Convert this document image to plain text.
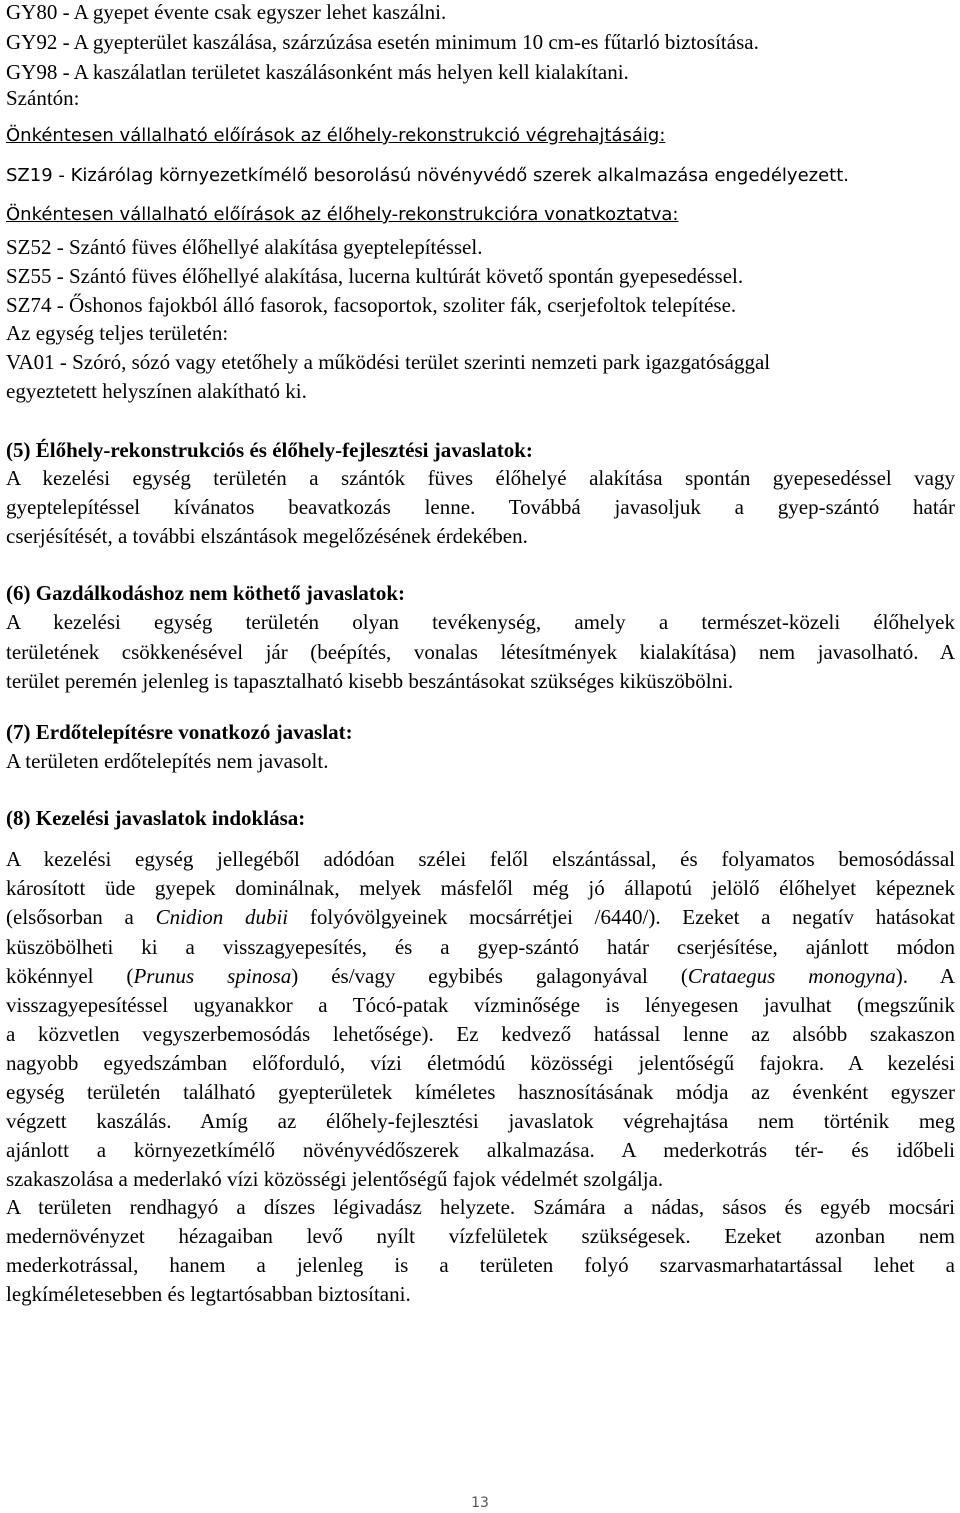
GY80 - A gyepet évente csak egyszer lehet kaszálni.

GY92 - A gyepterület kaszálása, szárzúzása esetén minimum 10 cm-es fűtarló biztosítása.

GY98 - A kaszálatlan területet kaszálásonként más helyen kell kialakítani.

Szántón:

Önkéntesen vállalható előírások az élőhely-rekonstrukció végrehajtásáig:

SZ19 - Kizárólag környezetkímélő besorolású növényvédő szerek alkalmazása engedélyezett.

Önkéntesen vállalható előírások az élőhely-rekonstrukcióra vonatkoztatva:

SZ52 - Szántó füves élőhellyé alakítása gyeptelepítéssel.

SZ55 - Szántó füves élőhellyé alakítása, lucerna kultúrát követő spontán gyepesedéssel.

SZ74 - Őshonos fajokból álló fasorok, facsoportok, szoliter fák, cserjefoltok telepítése.

Az egység teljes területén:

VA01 - Szóró, sózó vagy etetőhely a működési terület szerinti nemzeti park igazgatósággal

egyeztetett helyszínen alakítható ki.

(5) Élőhely-rekonstrukciós és élőhely-fejlesztési javaslatok:

A kezelési egység területén a szántók füves élőhelyé alakítása spontán gyepesedéssel vagy

gyeptelepítéssel kívánatos beavatkozás lenne. Továbbá javasoljuk a gyep-szántó határ

cserjésítését, a további elszántások megelőzésének érdekében.

(6) Gazdálkodáshoz nem köthető javaslatok:

A kezelési egység területén olyan tevékenység, amely a természet-közeli élőhelyek

területének csökkenésével jár (beépítés, vonalas létesítmények kialakítása) nem javasolható. A

terület peremén jelenleg is tapasztalható kisebb beszántásokat szükséges kiküszöbölni.

(7) Erdőtelepítésre vonatkozó javaslat:

A területen erdőtelepítés nem javasolt.

(8) Kezelési javaslatok indoklása:

A kezelési egység jellegéből adódóan szélei felől elszántással, és folyamatos bemosódással

károsított üde gyepek dominálnak, melyek másfelől még jó állapotú jelölő élőhelyet képeznek

(elsősorban a Cnidion dubii folyóvölgyeinek mocsárrétjei /6440/). Ezeket a negatív hatásokat

küszöbölheti ki a visszagyepesítés, és a gyep-szántó határ cserjésítése, ajánlott módon

kökénnyel (Prunus spinosa) és/vagy egybibés galagonyával (Crataegus monogyna). A

visszagyepesítéssel ugyanakkor a Tócó-patak vízminősége is lényegesen javulhat (megszűnik

a közvetlen vegyszerbemosódás lehetősége). Ez kedvező hatással lenne az alsóbb szakaszon

nagyobb egyedszámban előforduló, vízi életmódú közösségi jelentőségű fajokra. A kezelési

egység területén található gyepterületek kíméletes hasznosításának módja az évenként egyszer

végzett kaszálás. Amíg az élőhely-fejlesztési javaslatok végrehajtása nem történik meg

ajánlott a környezetkímélő növényvédőszerek alkalmazása. A mederkotrás tér- és időbeli

szakaszolása a mederlakó vízi közösségi jelentőségű fajok védelmét szolgálja.

A területen rendhagyó a díszes légivadász helyzete. Számára a nádas, sásos és egyéb mocsári

medernövényzet hézagaiban levő nyílt vízfelületek szükségesek. Ezeket azonban nem

mederkotrással, hanem a jelenleg is a területen folyó szarvasmarhatartással lehet a

legkíméletesebben és legtartósabban biztosítani.

13
